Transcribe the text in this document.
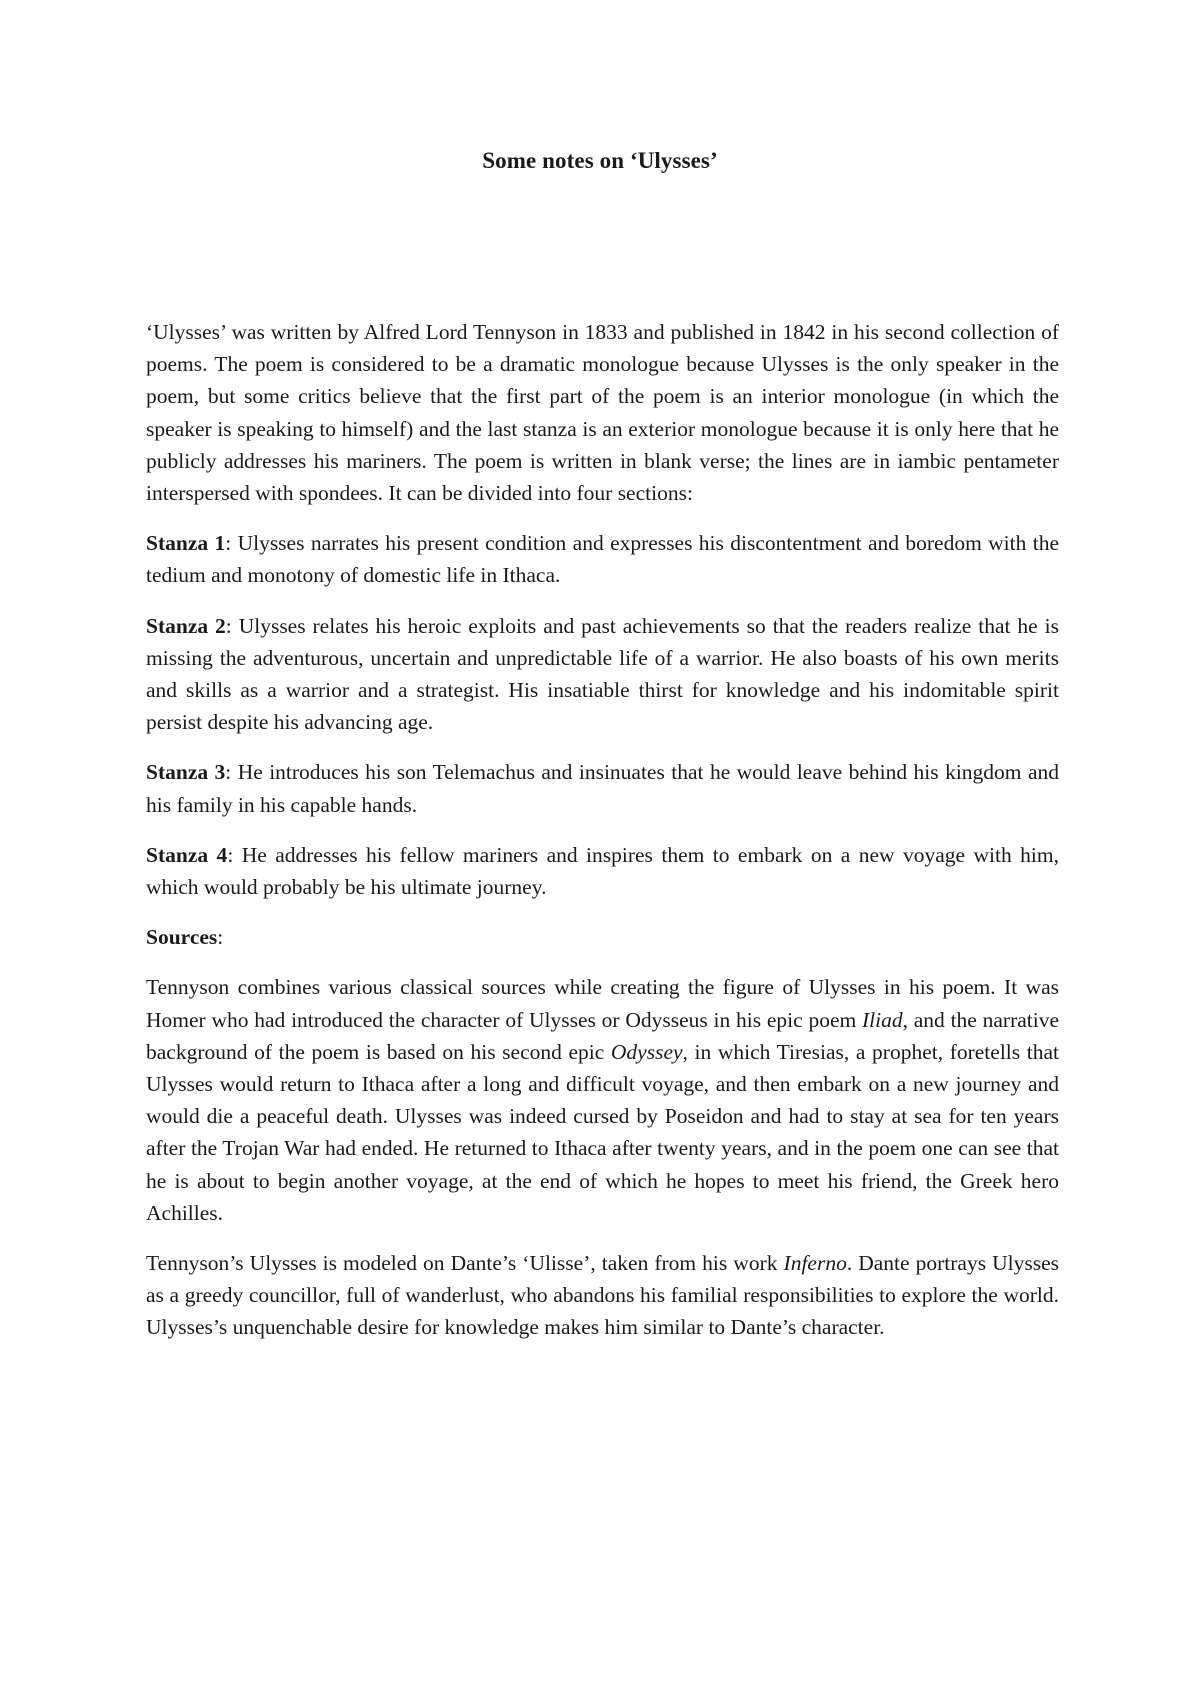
Some notes on ‘Ulysses’

‘Ulysses’ was written by Alfred Lord Tennyson in 1833 and published in 1842 in his second collection of poems. The poem is considered to be a dramatic monologue because Ulysses is the only speaker in the poem, but some critics believe that the first part of the poem is an interior monologue (in which the speaker is speaking to himself) and the last stanza is an exterior monologue because it is only here that he publicly addresses his mariners. The poem is written in blank verse; the lines are in iambic pentameter interspersed with spondees. It can be divided into four sections:

Stanza 1: Ulysses narrates his present condition and expresses his discontentment and boredom with the tedium and monotony of domestic life in Ithaca.

Stanza 2: Ulysses relates his heroic exploits and past achievements so that the readers realize that he is missing the adventurous, uncertain and unpredictable life of a warrior. He also boasts of his own merits and skills as a warrior and a strategist. His insatiable thirst for knowledge and his indomitable spirit persist despite his advancing age.

Stanza 3: He introduces his son Telemachus and insinuates that he would leave behind his kingdom and his family in his capable hands.

Stanza 4: He addresses his fellow mariners and inspires them to embark on a new voyage with him, which would probably be his ultimate journey.

Sources:

Tennyson combines various classical sources while creating the figure of Ulysses in his poem. It was Homer who had introduced the character of Ulysses or Odysseus in his epic poem Iliad, and the narrative background of the poem is based on his second epic Odyssey, in which Tiresias, a prophet, foretells that Ulysses would return to Ithaca after a long and difficult voyage, and then embark on a new journey and would die a peaceful death. Ulysses was indeed cursed by Poseidon and had to stay at sea for ten years after the Trojan War had ended. He returned to Ithaca after twenty years, and in the poem one can see that he is about to begin another voyage, at the end of which he hopes to meet his friend, the Greek hero Achilles.

Tennyson’s Ulysses is modeled on Dante’s ‘Ulisse’, taken from his work Inferno. Dante portrays Ulysses as a greedy councillor, full of wanderlust, who abandons his familial responsibilities to explore the world. Ulysses’s unquenchable desire for knowledge makes him similar to Dante’s character.
